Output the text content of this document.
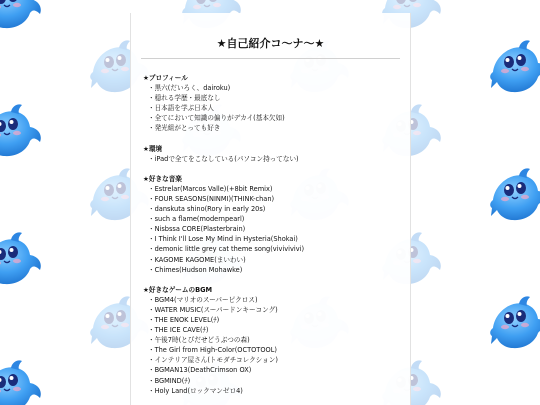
★自己紹介コ〜ナ〜★
★プロフィール
・黒六(だいろく、dairoku)
・穏れる学歴・最底なし
・日本語を学ぶ日本人
・全てにおいて知識の偏りがデカイ(基本欠如)
・発光組がとっても好き
★環境
・iPadで全てをこなしている(パソコン持ってない)
★好きな音楽
・Estrelar(Marcos Valle)(+8bit Remix)
・FOUR SEASONS(NINMI)(THINK-chan)
・danskuta shino(Rory in early 20s)
・such a flame(modernpearl)
・Nisbssa CORE(Plasterbrain)
・I Think I'll Lose My Mind in Hysteria(Shokai)
・demonic little grey cat theme song(vivivivivi)
・KAGOME KAGOME(まいわい)
・Chimes(Hudson Mohawke)
★好きなゲームのBGM
・BGM4(マリオのスーパーピクロス)
・WATER MUSIC(スーパードンキーコング)
・THE ENOK LEVEL(ﾁ)
・THE ICE CAVE(ﾁ)
・午後7時(とびだせどうぶつの森)
・The Girl from High-Color(OCTOTOOL)
・インテリア屋さん(トモダチコレクション)
・BGMAN13(DeathCrimson OX)
・BGMIND(ﾁ)
・Holy Land(ロックマンゼロ4)
